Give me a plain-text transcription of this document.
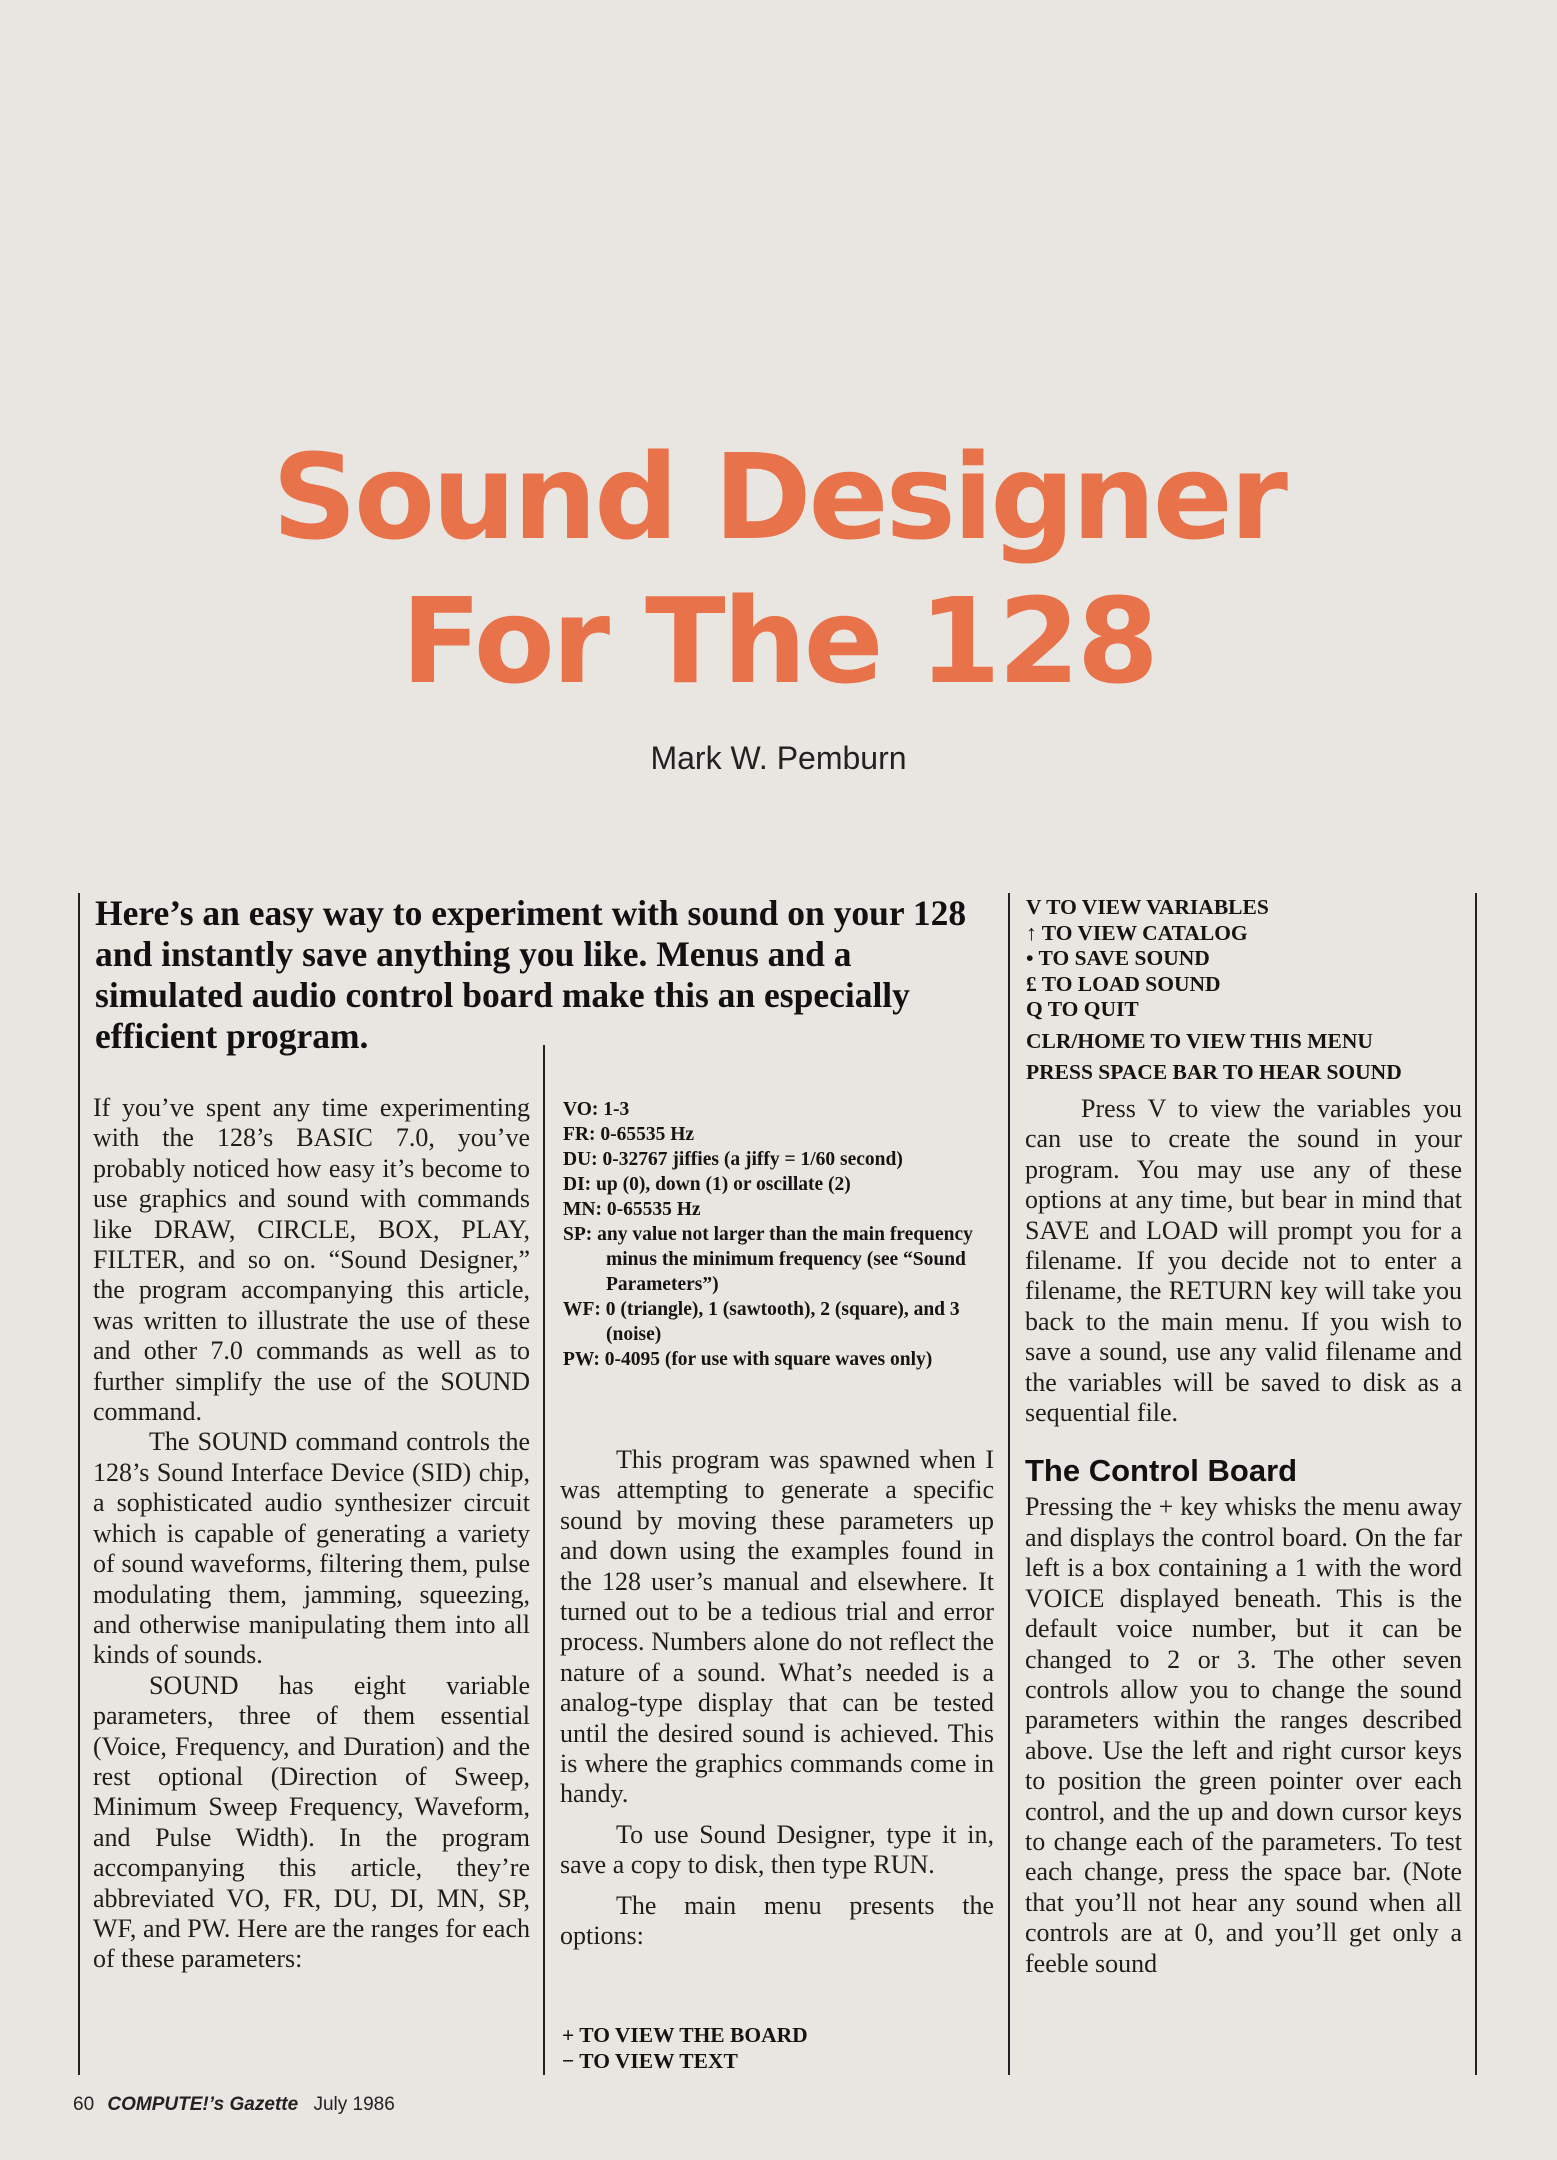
Sound Designer
For The 128
Mark W. Pemburn

Here’s an easy way to experiment with sound on your 128 and instantly save anything you like. Menus and a simulated audio control board make this an especially efficient program.

If you’ve spent any time experimenting with the 128’s BASIC 7.0, you’ve probably noticed how easy it’s become to use graphics and sound with commands like DRAW, CIRCLE, BOX, PLAY, FILTER, and so on. “Sound Designer,” the program accompanying this article, was written to illustrate the use of these and other 7.0 commands as well as to further simplify the use of the SOUND command.

The SOUND command controls the 128’s Sound Interface Device (SID) chip, a sophisticated audio synthesizer circuit which is capable of generating a variety of sound waveforms, filtering them, pulse modulating them, jamming, squeezing, and otherwise manipulating them into all kinds of sounds.

SOUND has eight variable parameters, three of them essential (Voice, Frequency, and Duration) and the rest optional (Direction of Sweep, Minimum Sweep Frequency, Waveform, and Pulse Width). In the program accompanying this article, they’re abbreviated VO, FR, DU, DI, MN, SP, WF, and PW. Here are the ranges for each of these parameters:

VO: 1-3
FR: 0-65535 Hz
DU: 0-32767 jiffies (a jiffy = 1/60 second)
DI: up (0), down (1) or oscillate (2)
MN: 0-65535 Hz
SP: any value not larger than the main frequency minus the minimum frequency (see “Sound Parameters”)
WF: 0 (triangle), 1 (sawtooth), 2 (square), and 3 (noise)
PW: 0-4095 (for use with square waves only)

This program was spawned when I was attempting to generate a specific sound by moving these parameters up and down using the examples found in the 128 user’s manual and elsewhere. It turned out to be a tedious trial and error process. Numbers alone do not reflect the nature of a sound. What’s needed is a analog-type display that can be tested until the desired sound is achieved. This is where the graphics commands come in handy.

To use Sound Designer, type it in, save a copy to disk, then type RUN.

The main menu presents the options:

+ TO VIEW THE BOARD
− TO VIEW TEXT
V TO VIEW VARIABLES
↑ TO VIEW CATALOG
• TO SAVE SOUND
£ TO LOAD SOUND
Q TO QUIT
CLR/HOME TO VIEW THIS MENU
PRESS SPACE BAR TO HEAR SOUND

Press V to view the variables you can use to create the sound in your program. You may use any of these options at any time, but bear in mind that SAVE and LOAD will prompt you for a filename. If you decide not to enter a filename, the RETURN key will take you back to the main menu. If you wish to save a sound, use any valid filename and the variables will be saved to disk as a sequential file.

The Control Board

Pressing the + key whisks the menu away and displays the control board. On the far left is a box containing a 1 with the word VOICE displayed beneath. This is the default voice number, but it can be changed to 2 or 3. The other seven controls allow you to change the sound parameters within the ranges described above. Use the left and right cursor keys to position the green pointer over each control, and the up and down cursor keys to change each of the parameters. To test each change, press the space bar. (Note that you’ll not hear any sound when all controls are at 0, and you’ll get only a feeble sound

60 COMPUTE!’s Gazette July 1986
